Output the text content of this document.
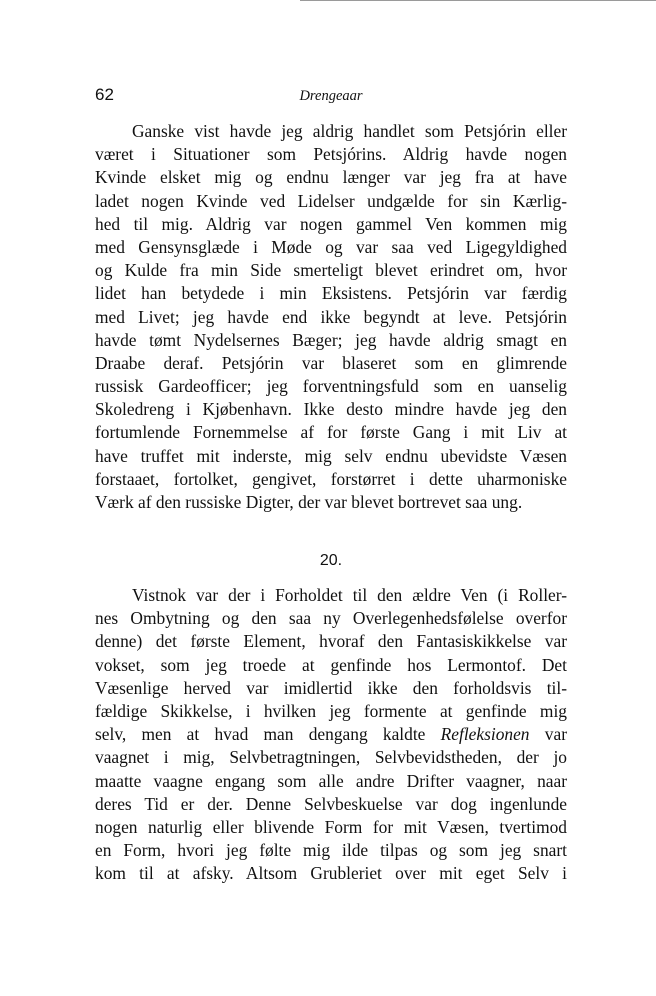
62	Drengeaar
Ganske vist havde jeg aldrig handlet som Petsjórin eller
været i Situationer som Petsjórins. Aldrig havde nogen
Kvinde elsket mig og endnu længer var jeg fra at have
ladet nogen Kvinde ved Lidelser undgælde for sin Kærlig-
hed til mig. Aldrig var nogen gammel Ven kommen mig
med Gensynsglæde i Møde og var saa ved Ligegyldighed
og Kulde fra min Side smerteligt blevet erindret om, hvor
lidet han betydede i min Eksistens. Petsjórin var færdig
med Livet; jeg havde end ikke begyndt at leve. Petsjórin
havde tømt Nydelsernes Bæger; jeg havde aldrig smagt en
Draabe deraf. Petsjórin var blaseret som en glimrende
russisk Gardeofficer; jeg forventningsfuld som en uanselig
Skoledreng i Kjøbenhavn. Ikke desto mindre havde jeg den
fortumlende Fornemmelse af for første Gang i mit Liv at
have truffet mit inderste, mig selv endnu ubevidste Væsen
forstaaet, fortolket, gengivet, forstørret i dette uharmoniske
Værk af den russiske Digter, der var blevet bortrevet saa ung.
20.
Vistnok var der i Forholdet til den ældre Ven (i Roller-
nes Ombytning og den saa ny Overlegenhedsfølelse overfor
denne) det første Element, hvoraf den Fantasiskikkelse var
vokset, som jeg troede at genfinde hos Lermontof. Det
Væsenlige herved var imidlertid ikke den forholdsvis til-
fældige Skikkelse, i hvilken jeg formente at genfinde mig
selv, men at hvad man dengang kaldte Refleksionen var
vaagnet i mig, Selvbetragtningen, Selvbevidstheden, der jo
maatte vaagne engang som alle andre Drifter vaagner, naar
deres Tid er der. Denne Selvbeskuelse var dog ingenlunde
nogen naturlig eller blivende Form for mit Væsen, tvertimod
en Form, hvori jeg følte mig ilde tilpas og som jeg snart
kom til at afsky. Altsom Grubleriet over mit eget Selv i
